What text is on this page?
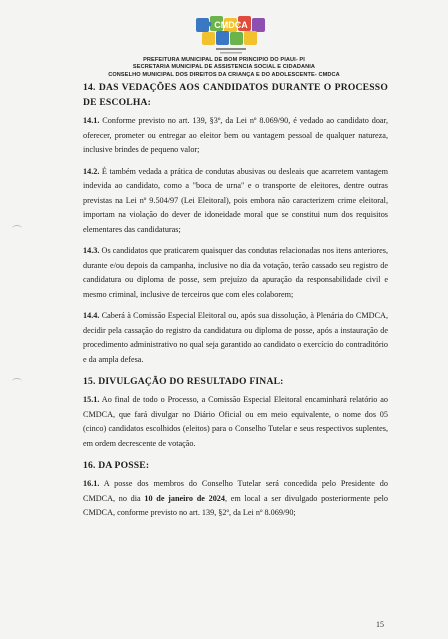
CMDCA
PREFEITURA MUNICIPAL DE BOM PRINCIPIO DO PIAUI- PI
SECRETARIA MUNICIPAL DE ASSISTENCIA SOCIAL E CIDADANIA
CONSELHO MUNICIPAL DOS DIREITOS DA CRIANÇA E DO ADOLESCENTE- CMDCA

14. DAS VEDAÇÕES AOS CANDIDATOS DURANTE O PROCESSO DE ESCOLHA:

14.1. Conforme previsto no art. 139, §3º, da Lei nº 8.069/90, é vedado ao candidato doar, oferecer, prometer ou entregar ao eleitor bem ou vantagem pessoal de qualquer natureza, inclusive brindes de pequeno valor;

14.2. É também vedada a prática de condutas abusivas ou desleais que acarretem vantagem indevida ao candidato, como a "boca de urna" e o transporte de eleitores, dentre outras previstas na Lei nº 9.504/97 (Lei Eleitoral), pois embora não caracterizem crime eleitoral, importam na violação do dever de idoneidade moral que se constitui num dos requisitos elementares das candidaturas;

14.3. Os candidatos que praticarem quaisquer das condutas relacionadas nos itens anteriores, durante e/ou depois da campanha, inclusive no dia da votação, terão cassado seu registro de candidatura ou diploma de posse, sem prejuízo da apuração da responsabilidade civil e mesmo criminal, inclusive de terceiros que com eles colaborem;

14.4. Caberá à Comissão Especial Eleitoral ou, após sua dissolução, à Plenária do CMDCA, decidir pela cassação do registro da candidatura ou diploma de posse, após a instauração de procedimento administrativo no qual seja garantido ao candidato o exercício do contraditório e da ampla defesa.

15. DIVULGAÇÃO DO RESULTADO FINAL:

15.1. Ao final de todo o Processo, a Comissão Especial Eleitoral encaminhará relatório ao CMDCA, que fará divulgar no Diário Oficial ou em meio equivalente, o nome dos 05 (cinco) candidatos escolhidos (eleitos) para o Conselho Tutelar e seus respectivos suplentes, em ordem decrescente de votação.

16. DA POSSE:

16.1. A posse dos membros do Conselho Tutelar será concedida pelo Presidente do CMDCA, no dia 10 de janeiro de 2024, em local a ser divulgado posteriormente pelo CMDCA, conforme previsto no art. 139, §2º, da Lei nº 8.069/90;

15
